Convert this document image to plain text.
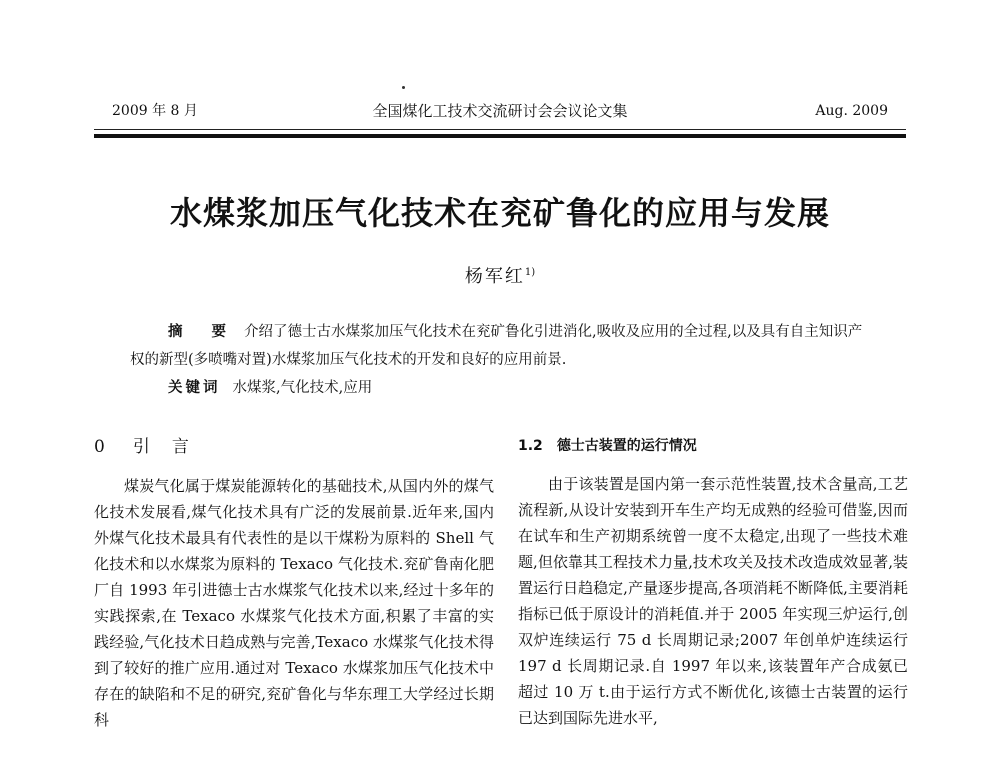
2009 年 8 月	全国煤化工技术交流研讨会会议论文集	Aug. 2009
水煤浆加压气化技术在兖矿鲁化的应用与发展
杨军红$^{1)}$

摘 要 介绍了德士古水煤浆加压气化技术在兖矿鲁化引进消化,吸收及应用的全过程,以及具有自主知识产权的新型(多喷嘴对置)水煤浆加压气化技术的开发和良好的应用前景.

关键词 水煤浆,气化技术,应用

0 引言

煤炭气化属于煤炭能源转化的基础技术,从国内外的煤气化技术发展看,煤气化技术具有广泛的发展前景.近年来,国内外煤气化技术最具有代表性的是以干煤粉为原料的 Shell 气化技术和以水煤浆为原料的 Texaco 气化技术.兖矿鲁南化肥厂自 1993 年引进德士古水煤浆气化技术以来,经过十多年的实践探索,在 Texaco 水煤浆气化技术方面,积累了丰富的实践经验,气化技术日趋成熟与完善,Texaco 水煤浆气化技术得到了较好的推广应用.通过对 Texaco 水煤浆加压气化技术中存在的缺陷和不足的研究,兖矿鲁化与华东理工大学经过长期科

1.2 德士古装置的运行情况

由于该装置是国内第一套示范性装置,技术含量高,工艺流程新,从设计安装到开车生产均无成熟的经验可借鉴,因而在试车和生产初期系统曾一度不太稳定,出现了一些技术难题,但依靠其工程技术力量,技术攻关及技术改造成效显著,装置运行日趋稳定,产量逐步提高,各项消耗不断降低,主要消耗指标已低于原设计的消耗值.并于 2005 年实现三炉运行,创双炉连续运行 75 d 长周期记录;2007 年创单炉连续运行 197 d 长周期记录.自 1997 年以来,该装置年产合成氨已超过 10 万 t.由于运行方式不断优化,该德士古装置的运行已达到国际先进水平,
